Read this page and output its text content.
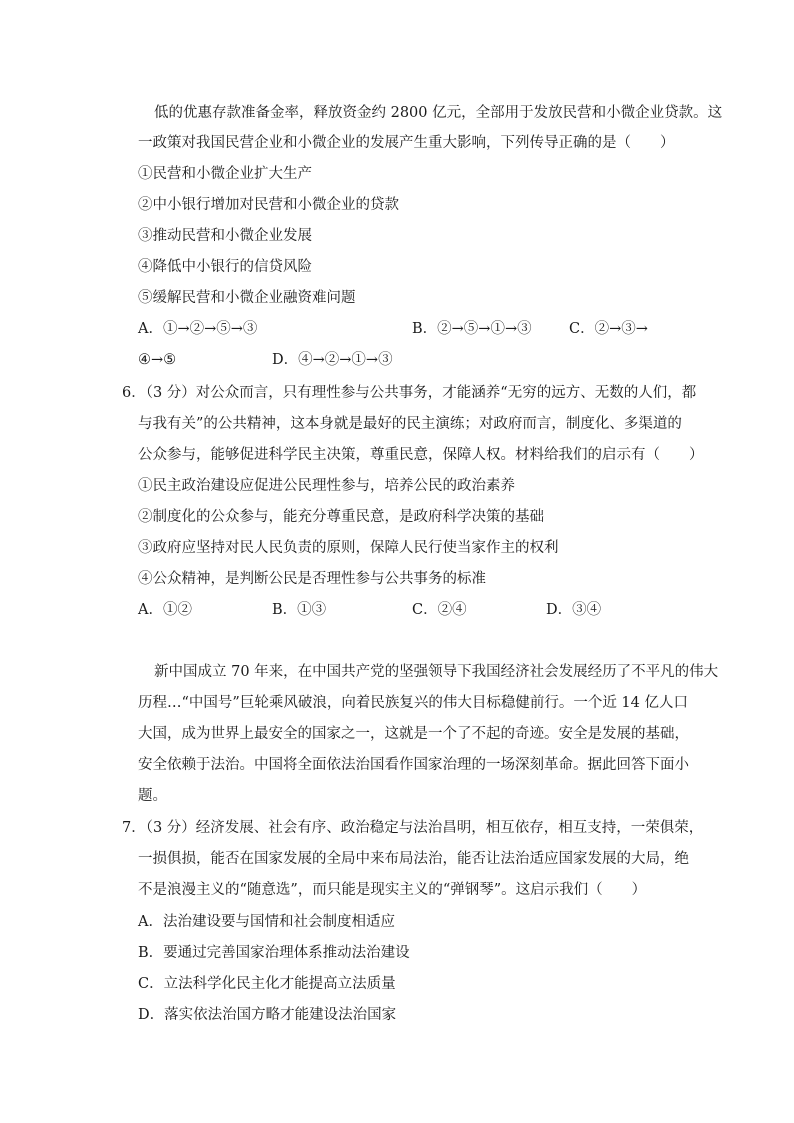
低的优惠存款准备金率，释放资金约 2800 亿元，全部用于发放民营和小微企业贷款。这
一政策对我国民营企业和小微企业的发展产生重大影响，下列传导正确的是（　　）
①民营和小微企业扩大生产
②中小银行增加对民营和小微企业的贷款
③推动民营和小微企业发展
④降低中小银行的信贷风险
⑤缓解民营和小微企业融资难问题
A．①→②→⑤→③	B．②→⑤→①→③	C．②→③→
④→⑤	D．④→②→①→③
6．（3 分）对公众而言，只有理性参与公共事务，才能涵养“无穷的远方、无数的人们，都
与我有关”的公共精神，这本身就是最好的民主演练；对政府而言，制度化、多渠道的
公众参与，能够促进科学民主决策，尊重民意，保障人权。材料给我们的启示有（　　）
①民主政治建设应促进公民理性参与，培养公民的政治素养
②制度化的公众参与，能充分尊重民意，是政府科学决策的基础
③政府应坚持对民人民负责的原则，保障人民行使当家作主的权利
④公众精神，是判断公民是否理性参与公共事务的标准
A．①②	B．①③	C．②④	D．③④
新中国成立 70 年来，在中国共产党的坚强领导下我国经济社会发展经历了不平凡的伟大
历程…“中国号”巨轮乘风破浪，向着民族复兴的伟大目标稳健前行。一个近 14 亿人口
大国，成为世界上最安全的国家之一，这就是一个了不起的奇迹。安全是发展的基础，
安全依赖于法治。中国将全面依法治国看作国家治理的一场深刻革命。据此回答下面小
题。
7．（3 分）经济发展、社会有序、政治稳定与法治昌明，相互依存，相互支持，一荣俱荣，
一损俱损，能否在国家发展的全局中来布局法治，能否让法治适应国家发展的大局，绝
不是浪漫主义的“随意选”，而只能是现实主义的“弹钢琴”。这启示我们（　　）
A．法治建设要与国情和社会制度相适应
B．要通过完善国家治理体系推动法治建设
C．立法科学化民主化才能提高立法质量
D．落实依法治国方略才能建设法治国家
